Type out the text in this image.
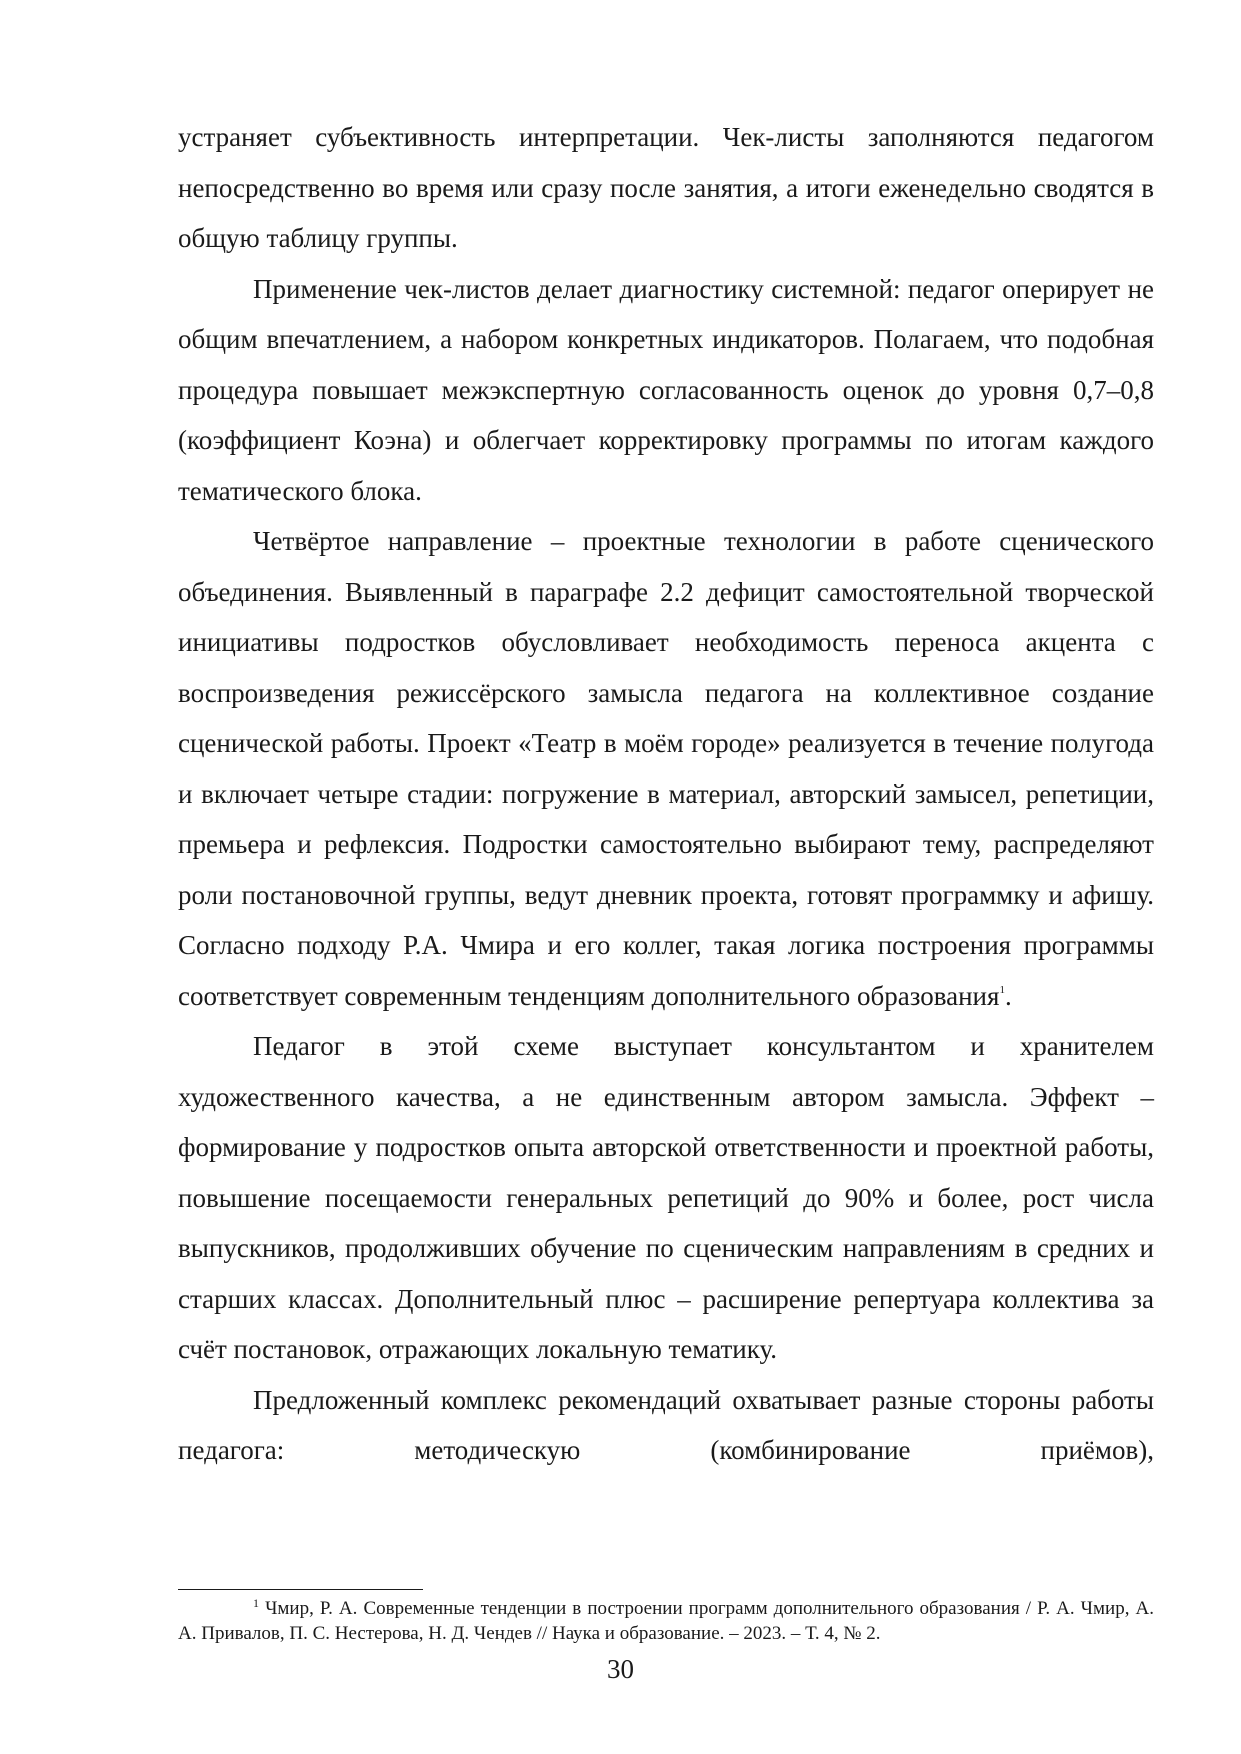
устраняет субъективность интерпретации. Чек-листы заполняются педагогом непосредственно во время или сразу после занятия, а итоги еженедельно сводятся в общую таблицу группы.

Применение чек-листов делает диагностику системной: педагог оперирует не общим впечатлением, а набором конкретных индикаторов. Полагаем, что подобная процедура повышает межэкспертную согласованность оценок до уровня 0,7–0,8 (коэффициент Коэна) и облегчает корректировку программы по итогам каждого тематического блока.

Четвёртое направление – проектные технологии в работе сценического объединения. Выявленный в параграфе 2.2 дефицит самостоятельной творческой инициативы подростков обусловливает необходимость переноса акцента с воспроизведения режиссёрского замысла педагога на коллективное создание сценической работы. Проект «Театр в моём городе» реализуется в течение полугода и включает четыре стадии: погружение в материал, авторский замысел, репетиции, премьера и рефлексия. Подростки самостоятельно выбирают тему, распределяют роли постановочной группы, ведут дневник проекта, готовят программку и афишу. Согласно подходу Р.А. Чмира и его коллег, такая логика построения программы соответствует современным тенденциям дополнительного образования$^1$.

Педагог в этой схеме выступает консультантом и хранителем художественного качества, а не единственным автором замысла. Эффект – формирование у подростков опыта авторской ответственности и проектной работы, повышение посещаемости генеральных репетиций до 90% и более, рост числа выпускников, продолживших обучение по сценическим направлениям в средних и старших классах. Дополнительный плюс – расширение репертуара коллектива за счёт постановок, отражающих локальную тематику.

Предложенный комплекс рекомендаций охватывает разные стороны работы педагога: методическую (комбинирование приёмов),

$^1$ Чмир, Р. А. Современные тенденции в построении программ дополнительного образования / Р. А. Чмир, А. А. Привалов, П. С. Нестерова, Н. Д. Чендев // Наука и образование. – 2023. – Т. 4, № 2.

30
